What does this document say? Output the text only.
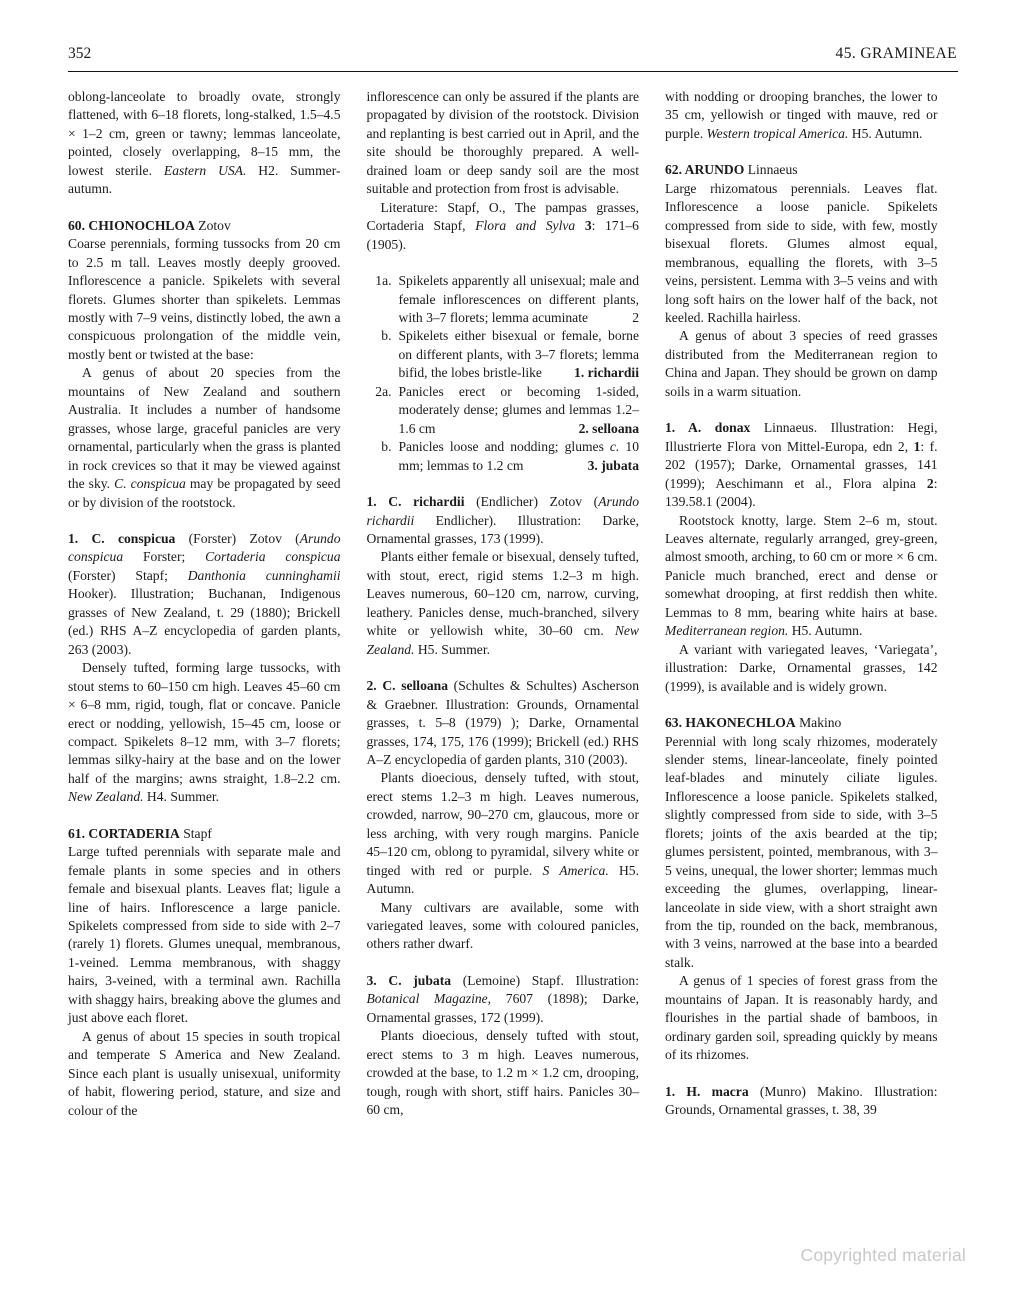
352	45. GRAMINEAE

oblong-lanceolate to broadly ovate, strongly flattened, with 6–18 florets, long-stalked, 1.5–4.5 × 1–2 cm, green or tawny; lemmas lanceolate, pointed, closely overlapping, 8–15 mm, the lowest sterile. Eastern USA. H2. Summer-autumn.

60. CHIONOCHLOA Zotov

Coarse perennials, forming tussocks from 20 cm to 2.5 m tall. Leaves mostly deeply grooved. Inflorescence a panicle. Spikelets with several florets. Glumes shorter than spikelets. Lemmas mostly with 7–9 veins, distinctly lobed, the awn a conspicuous prolongation of the middle vein, mostly bent or twisted at the base:

A genus of about 20 species from the mountains of New Zealand and southern Australia. It includes a number of handsome grasses, whose large, graceful panicles are very ornamental, particularly when the grass is planted in rock crevices so that it may be viewed against the sky. C. conspicua may be propagated by seed or by division of the rootstock.

1. C. conspicua (Forster) Zotov (Arundo conspicua Forster; Cortaderia conspicua (Forster) Stapf; Danthonia cunninghamii Hooker). Illustration; Buchanan, Indigenous grasses of New Zealand, t. 29 (1880); Brickell (ed.) RHS A–Z encyclopedia of garden plants, 263 (2003).

Densely tufted, forming large tussocks, with stout stems to 60–150 cm high. Leaves 45–60 cm × 6–8 mm, rigid, tough, flat or concave. Panicle erect or nodding, yellowish, 15–45 cm, loose or compact. Spikelets 8–12 mm, with 3–7 florets; lemmas silky-hairy at the base and on the lower half of the margins; awns straight, 1.8–2.2 cm. New Zealand. H4. Summer.

61. CORTADERIA Stapf

Large tufted perennials with separate male and female plants in some species and in others female and bisexual plants. Leaves flat; ligule a line of hairs. Inflorescence a large panicle. Spikelets compressed from side to side with 2–7 (rarely 1) florets. Glumes unequal, membranous, 1-veined. Lemma membranous, with shaggy hairs, 3-veined, with a terminal awn. Rachilla with shaggy hairs, breaking above the glumes and just above each floret.

A genus of about 15 species in south tropical and temperate S America and New Zealand. Since each plant is usually unisexual, uniformity of habit, flowering period, stature, and size and colour of the

inflorescence can only be assured if the plants are propagated by division of the rootstock. Division and replanting is best carried out in April, and the site should be thoroughly prepared. A well-drained loam or deep sandy soil are the most suitable and protection from frost is advisable.

Literature: Stapf, O., The pampas grasses, Cortaderia Stapf, Flora and Sylva 3: 171–6 (1905).

1a. Spikelets apparently all unisexual; male and female inflorescences on different plants, with 3–7 florets; lemma acuminate	2
b. Spikelets either bisexual or female, borne on different plants, with 3–7 florets; lemma bifid, the lobes bristle-like	1. richardii
2a. Panicles erect or becoming 1-sided, moderately dense; glumes and lemmas 1.2–1.6 cm	2. selloana
b. Panicles loose and nodding; glumes c. 10 mm; lemmas to 1.2 cm	3. jubata

1. C. richardii (Endlicher) Zotov (Arundo richardii Endlicher). Illustration: Darke, Ornamental grasses, 173 (1999).

Plants either female or bisexual, densely tufted, with stout, erect, rigid stems 1.2–3 m high. Leaves numerous, 60–120 cm, narrow, curving, leathery. Panicles dense, much-branched, silvery white or yellowish white, 30–60 cm. New Zealand. H5. Summer.

2. C. selloana (Schultes & Schultes) Ascherson & Graebner. Illustration: Grounds, Ornamental grasses, t. 5–8 (1979) ); Darke, Ornamental grasses, 174, 175, 176 (1999); Brickell (ed.) RHS A–Z encyclopedia of garden plants, 310 (2003).

Plants dioecious, densely tufted, with stout, erect stems 1.2–3 m high. Leaves numerous, crowded, narrow, 90–270 cm, glaucous, more or less arching, with very rough margins. Panicle 45–120 cm, oblong to pyramidal, silvery white or tinged with red or purple. S America. H5. Autumn.

Many cultivars are available, some with variegated leaves, some with coloured panicles, others rather dwarf.

3. C. jubata (Lemoine) Stapf. Illustration: Botanical Magazine, 7607 (1898); Darke, Ornamental grasses, 172 (1999).

Plants dioecious, densely tufted with stout, erect stems to 3 m high. Leaves numerous, crowded at the base, to 1.2 m × 1.2 cm, drooping, tough, rough with short, stiff hairs. Panicles 30–60 cm,

with nodding or drooping branches, the lower to 35 cm, yellowish or tinged with mauve, red or purple. Western tropical America. H5. Autumn.

62. ARUNDO Linnaeus

Large rhizomatous perennials. Leaves flat. Inflorescence a loose panicle. Spikelets compressed from side to side, with few, mostly bisexual florets. Glumes almost equal, membranous, equalling the florets, with 3–5 veins, persistent. Lemma with 3–5 veins and with long soft hairs on the lower half of the back, not keeled. Rachilla hairless.

A genus of about 3 species of reed grasses distributed from the Mediterranean region to China and Japan. They should be grown on damp soils in a warm situation.

1. A. donax Linnaeus. Illustration: Hegi, Illustrierte Flora von Mittel-Europa, edn 2, 1: f. 202 (1957); Darke, Ornamental grasses, 141 (1999); Aeschimann et al., Flora alpina 2: 139.58.1 (2004).

Rootstock knotty, large. Stem 2–6 m, stout. Leaves alternate, regularly arranged, grey-green, almost smooth, arching, to 60 cm or more × 6 cm. Panicle much branched, erect and dense or somewhat drooping, at first reddish then white. Lemmas to 8 mm, bearing white hairs at base. Mediterranean region. H5. Autumn.

A variant with variegated leaves, ‘Variegata’, illustration: Darke, Ornamental grasses, 142 (1999), is available and is widely grown.

63. HAKONECHLOA Makino

Perennial with long scaly rhizomes, moderately slender stems, linear-lanceolate, finely pointed leaf-blades and minutely ciliate ligules. Inflorescence a loose panicle. Spikelets stalked, slightly compressed from side to side, with 3–5 florets; joints of the axis bearded at the tip; glumes persistent, pointed, membranous, with 3–5 veins, unequal, the lower shorter; lemmas much exceeding the glumes, overlapping, linear-lanceolate in side view, with a short straight awn from the tip, rounded on the back, membranous, with 3 veins, narrowed at the base into a bearded stalk.

A genus of 1 species of forest grass from the mountains of Japan. It is reasonably hardy, and flourishes in the partial shade of bamboos, in ordinary garden soil, spreading quickly by means of its rhizomes.

1. H. macra (Munro) Makino. Illustration: Grounds, Ornamental grasses, t. 38, 39

Copyrighted material
